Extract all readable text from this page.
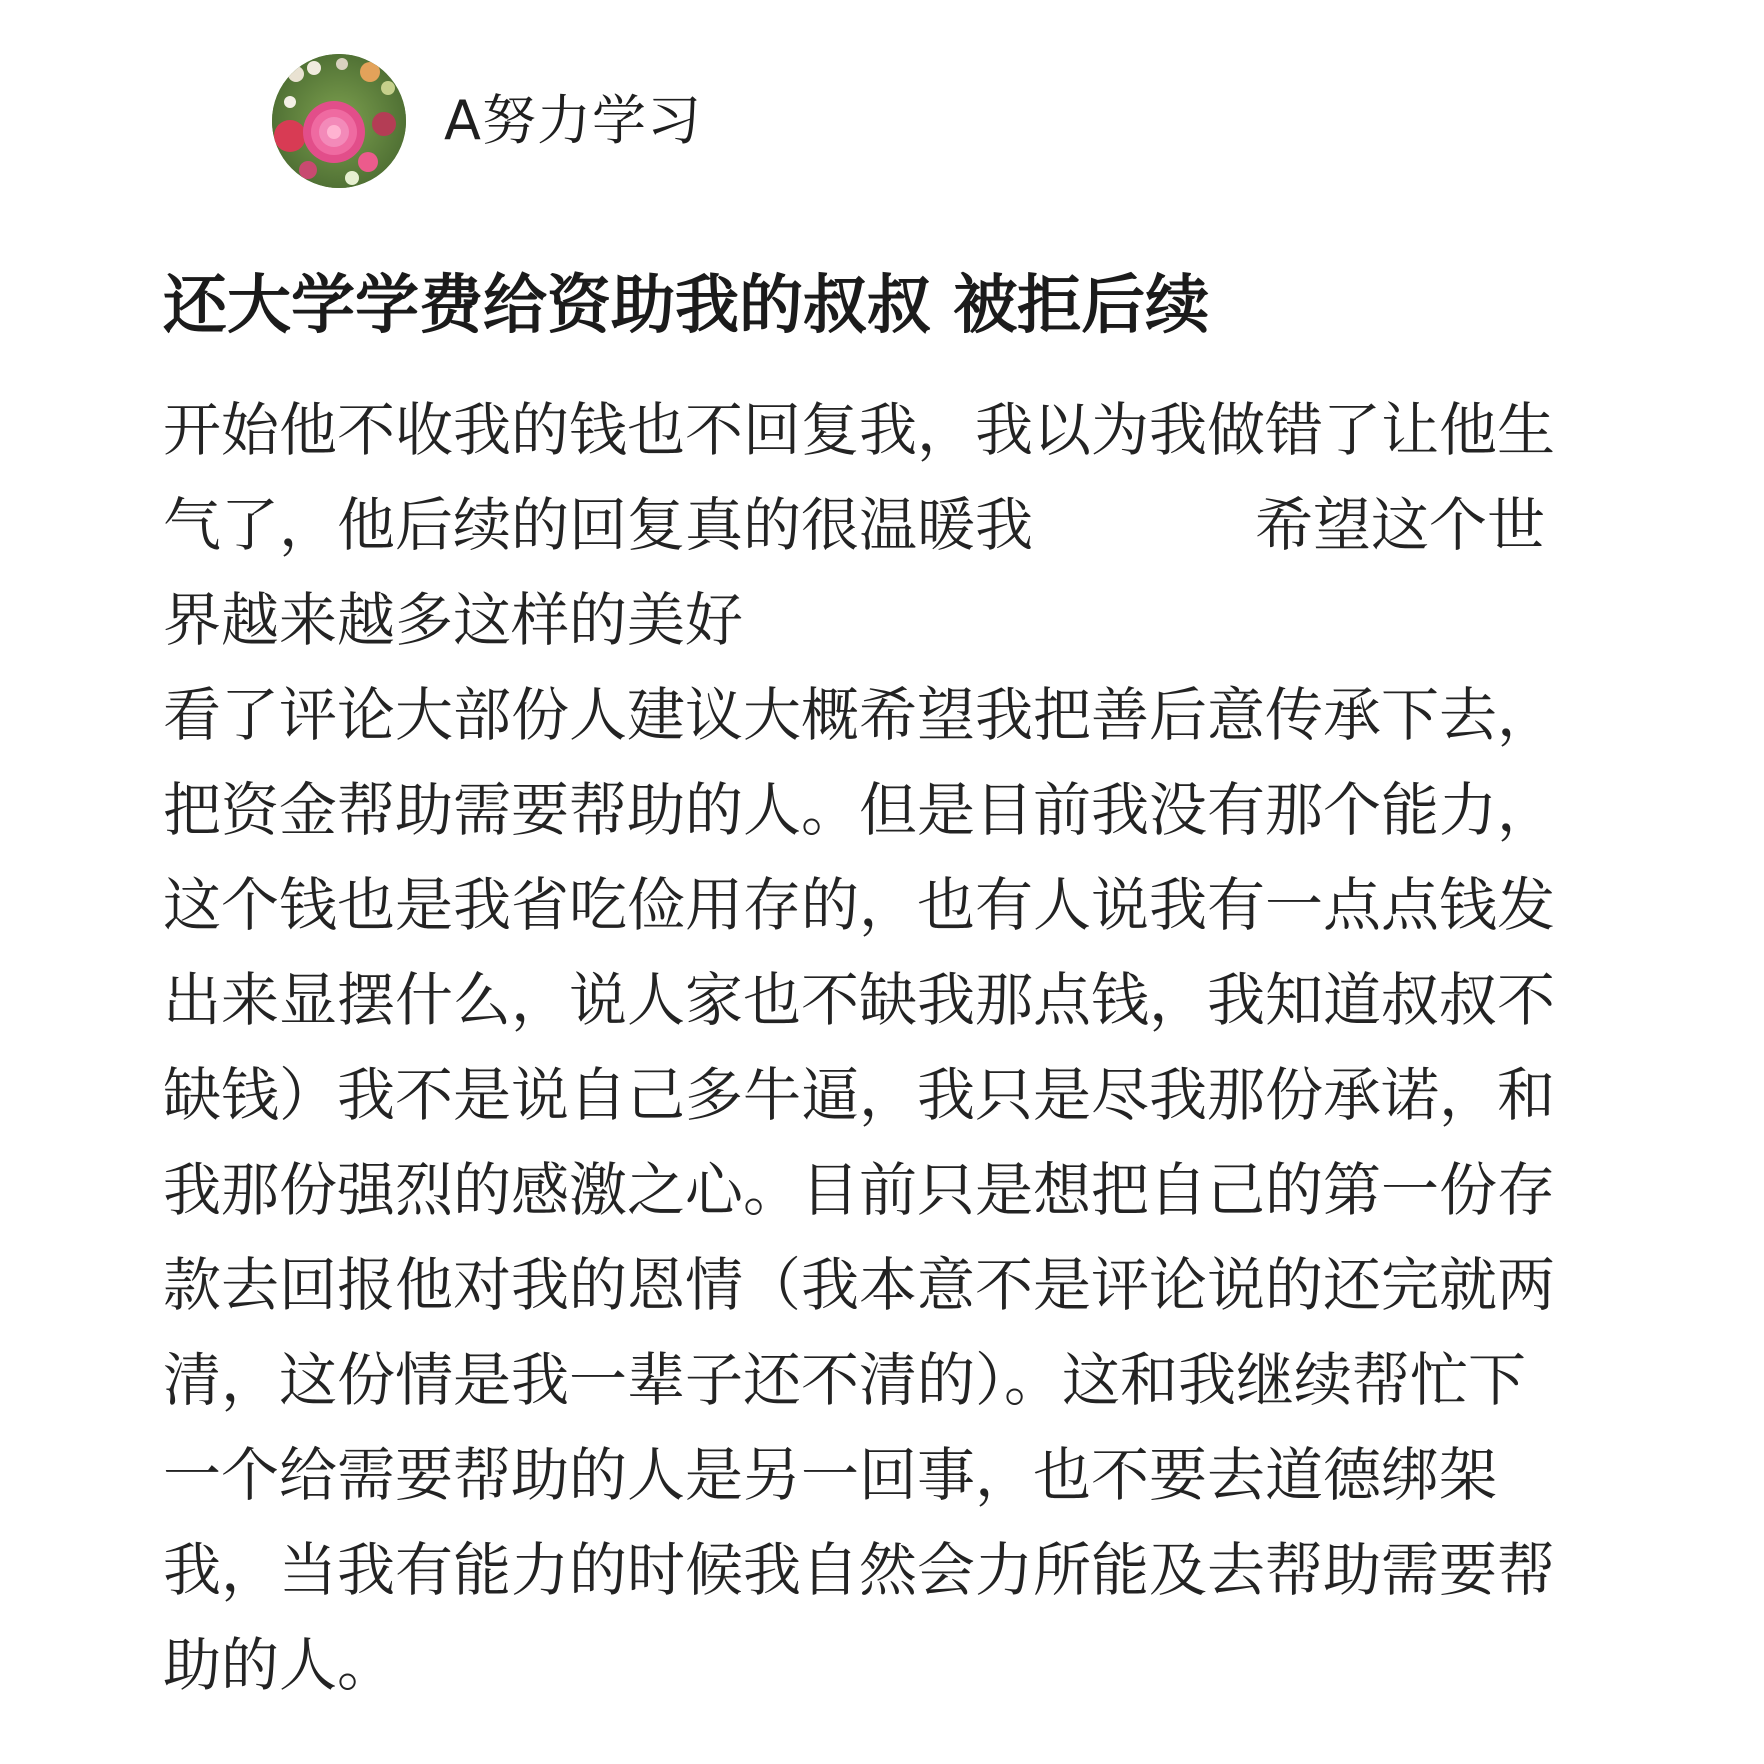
A努力学习
还大学学费给资助我的叔叔 被拒后续
开始他不收我的钱也不回复我，我以为我做错了让他生
气了，他后续的回复真的很温暖我	希望这个世
界越来越多这样的美好
看了评论大部份人建议大概希望我把善后意传承下去，
把资金帮助需要帮助的人。但是目前我没有那个能力，
这个钱也是我省吃俭用存的，也有人说我有一点点钱发
出来显摆什么，说人家也不缺我那点钱，我知道叔叔不
缺钱）我不是说自己多牛逼，我只是尽我那份承诺，和
我那份强烈的感激之心。目前只是想把自己的第一份存
款去回报他对我的恩情（我本意不是评论说的还完就两
清，这份情是我一辈子还不清的）。这和我继续帮忙下
一个给需要帮助的人是另一回事，也不要去道德绑架
我，当我有能力的时候我自然会力所能及去帮助需要帮
助的人。
